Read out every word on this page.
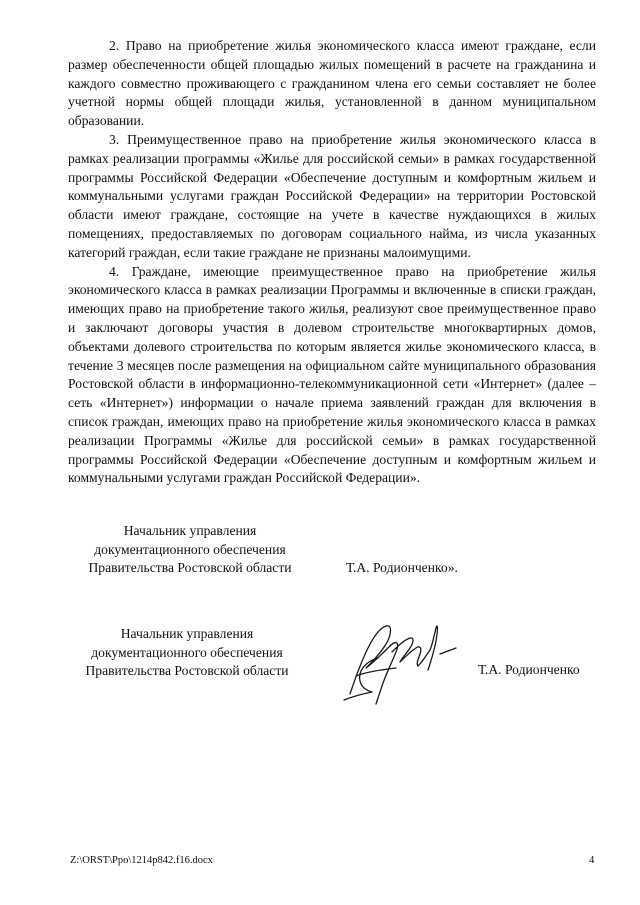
2. Право на приобретение жилья экономического класса имеют граждане, если размер обеспеченности общей площадью жилых помещений в расчете на гражданина и каждого совместно проживающего с гражданином члена его семьи составляет не более учетной нормы общей площади жилья, установленной в данном муниципальном образовании.

3. Преимущественное право на приобретение жилья экономического класса в рамках реализации программы «Жилье для российской семьи» в рамках государственной программы Российской Федерации «Обеспечение доступным и комфортным жильем и коммунальными услугами граждан Российской Федерации» на территории Ростовской области имеют граждане, состоящие на учете в качестве нуждающихся в жилых помещениях, предоставляемых по договорам социального найма, из числа указанных категорий граждан, если такие граждане не признаны малоимущими.

4. Граждане, имеющие преимущественное право на приобретение жилья экономического класса в рамках реализации Программы и включенные в списки граждан, имеющих право на приобретение такого жилья, реализуют свое преимущественное право и заключают договоры участия в долевом строительстве многоквартирных домов, объектами долевого строительства по которым является жилье экономического класса, в течение 3 месяцев после размещения на официальном сайте муниципального образования Ростовской области в информационно-телекоммуникационной сети «Интернет» (далее – сеть «Интернет») информации о начале приема заявлений граждан для включения в список граждан, имеющих право на приобретение жилья экономического класса в рамках реализации Программы «Жилье для российской семьи» в рамках государственной программы Российской Федерации «Обеспечение доступным и комфортным жильем и коммунальными услугами граждан Российской Федерации».

Начальник управления
документационного обеспечения
Правительства Ростовской области	Т.А. Родионченко».
Начальник управления
документационного обеспечения
Правительства Ростовской области	Т.А. Родионченко
Z:\ORST\Ppo\1214p842.f16.docx	4
